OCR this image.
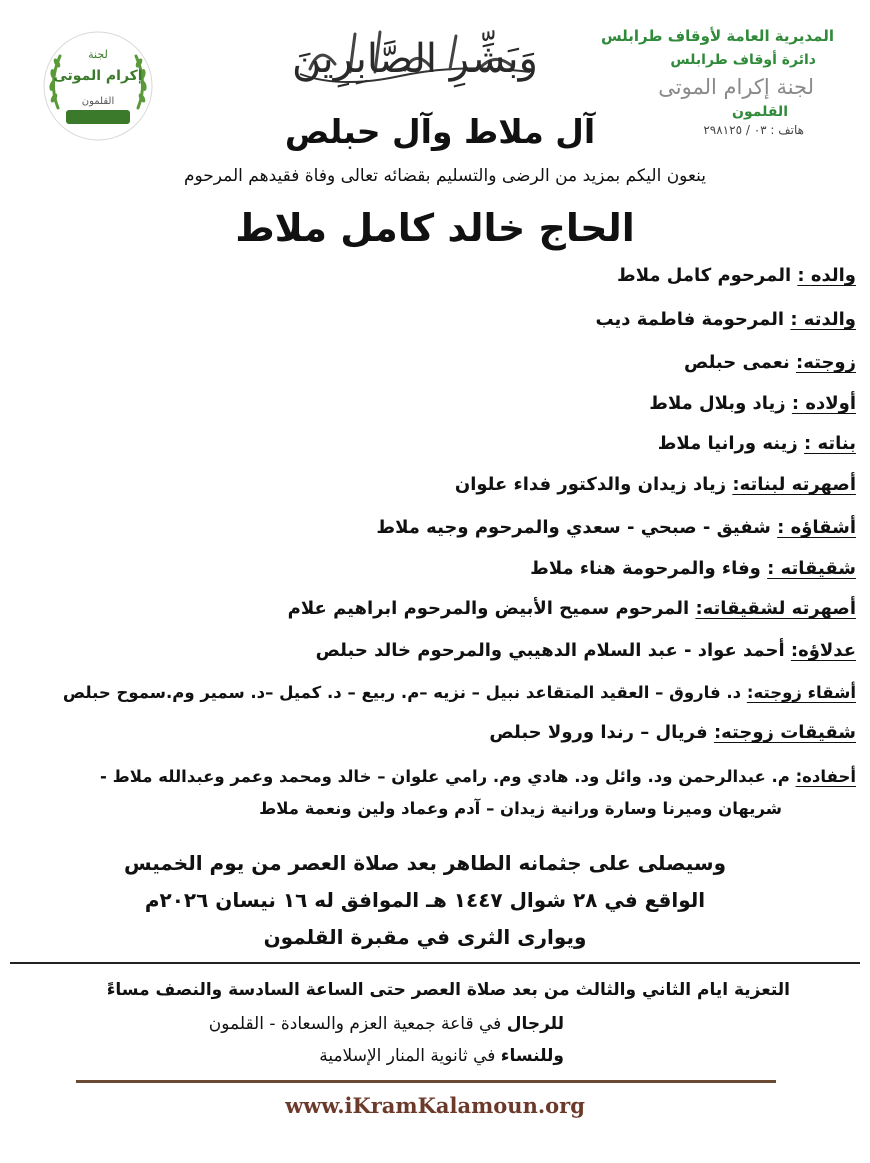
المديرية العامة لأوقاف طرابلس
دائرة أوقاف طرابلس
لجنة إكرام الموتى
القلمون
هاتف : ٠٣ / ٢٩٨١٢٥
وَبَشِّرِ الصَّابِرِينَ
لجنة
إكرام الموتى
القلمون
آل ملاط وآل حبلص
ينعون اليكم بمزيد من الرضى والتسليم بقضائه تعالى وفاة فقيدهم المرحوم
الحاج خالد كامل ملاط
والده : المرحوم كامل ملاط
والدته : المرحومة فاطمة ديب
زوجته: نعمى حبلص
أولاده : زياد وبلال ملاط
بناته : زينه ورانيا ملاط
أصهرته لبناته: زياد زيدان والدكتور فداء علوان
أشقاؤه : شفيق - صبحي - سعدي والمرحوم وجيه ملاط
شقيقاته : وفاء والمرحومة هناء ملاط
أصهرته لشقيقاته: المرحوم سميح الأبيض والمرحوم ابراهيم علام
عدلاؤه: أحمد عواد - عبد السلام الدهيبي والمرحوم خالد حبلص
أشقاء زوجته: د. فاروق – العقيد المتقاعد نبيل – نزيه –م. ربيع – د. كميل –د. سمير وم.سموح حبلص
شقيقات زوجته: فريال – رندا ورولا حبلص
أحفاده: م. عبدالرحمن ود. وائل ود. هادي وم. رامي علوان – خالد ومحمد وعمر وعبدالله ملاط -
شريهان وميرنا وسارة ورانية زيدان – آدم وعماد ولين ونعمة ملاط
وسيصلى على جثمانه الطاهر بعد صلاة العصر من يوم الخميس
الواقع في ٢٨ شوال ١٤٤٧ هـ الموافق له ١٦ نيسان ٢٠٢٦م
ويوارى الثرى في مقبرة القلمون
التعزية ايام الثاني والثالث من بعد صلاة العصر حتى الساعة السادسة والنصف مساءً
للرجال في قاعة جمعية العزم والسعادة - القلمون
وللنساء في ثانوية المنار الإسلامية
www.iKramKalamoun.org
